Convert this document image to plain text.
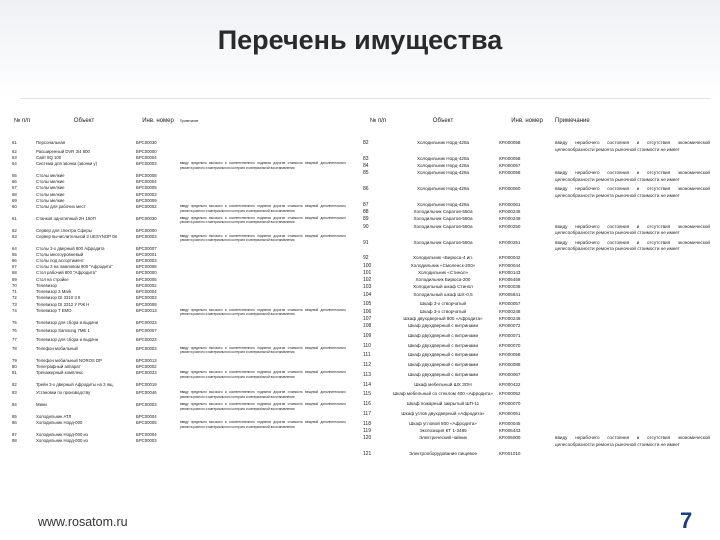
Перечень имущества
№ п/п	Объект	Инв. номер	Примечание
61	Персональная	БРС00030	

62	Расширенный DVR 3/4 800	БРС00000	
63	Сайт 8Q 100	БРС00004	
64	Система для звонка (звонки у)	БРС00003	ввиду предельно высокого и соответственного поднятия дорогие стоимость вещевой дополнительного ремонта разного и материального контроля и материальной восстанавления

65	Столы мелкие	БРС00008	
66	Столы мелкие	БРС00004	
67	Столы мелкие	БРС00005	
68	Столы мелкие	БРС00003	
69	Столы мелкие	БРС00009	
60	Столы для рабочих мест	БРС00002	ввиду предельно высокого и соответственного поднятия дорогие стоимость вещевой дополнительного ремонта разного и материального контроля и материальной восстанавления

61	Станков однотипный 2Н 150П	БРС00030	ввиду предельно высокого и соответственного поднятия дорогие стоимость вещевой дополнительного ремонта разного и материального контроля и материальной восстанавления

62	Сервер для спектра Сферы	БРС00000	
63	Сервер вычислительной 3 UESYNOP 08	БРС00003	ввиду предельно высокого и соответственного поднятия дорогие стоимость вещевой дополнительного ремонта разного и материального контроля и материальной восстанавления

64	Столы 3-х дверный 800 Афродита	БРС00007	
65	Столы многоуровневый	БРС00001	
66	Столы под ассортимент	БРС00003	
67	Столы 3 на ламповом 800 "Афродита"	БРС00008	
68	Стол рабочий 800 "Афродита"	БРС00000	
69	Стол на стройке	БРС00005	
70	Телевизор	БРС00002	
71	Телевизор 3 Mark	БРС00004	
72	Телевизор DI 3310 3 К	БРС00003	
73	Телевизор DI 3312 У РЖ Н	БРС00008	
74	Телевизор 7 ЕМО	БРС00013	ввиду предельно высокого и соответственного поднятия дорогие стоимость вещевой дополнительного ремонта разного и материального контроля и материальной восстанавления

75	Телевизор для сбора и выдачи	БРС00023	

76	Телевизор Samsung 7МЕ 1	БРС00007	

77	Телевизор для сбора и выдачи	БРС00023	

78	Телефон мобильный	БРС00003	ввиду предельно высокого и соответственного поднятия дорогие стоимость вещевой дополнительного ремонта разного и материального контроля и материальной восстанавления

79	Телефон мобильный NOROS DP	БРС00013	
80	Телеграфный аппарат	БРС00002	
81	Тренажерный комплекс	БРС00023	ввиду предельно высокого и соответственного поднятия дорогие стоимость вещевой дополнительного ремонта разного и материального контроля и материальной восстанавления

82	Трейн 3-х дверный Афродиты на 3 ящ.	БРС00019	

83	Установки по производству	БРС00046	ввиду предельно высокого и соответственного поднятия дорогие стоимость вещевой дополнительного ремонта разного и материального контроля и материальной восстанавления

84	Мини	БРС00003	ввиду предельно высокого и соответственного поднятия дорогие стоимость вещевой дополнительного ремонта разного и материального контроля и материальной восстанавления

85	Холодильник АТЛ	БРС00004	
86	Холодильник Норд-000	БРС00005	ввиду предельно высокого и соответственного поднятия дорогие стоимость вещевой дополнительного ремонта разного и материального контроля и материальной восстанавления

87	Холодильник Норд-000 из	БРС00004	
88	Холодильник Норд-000 из	БРС00003	
№ п/п	Объект	Инв. номер	Примечание
82	Холодильник Норд-428а	КР.000058	ввиду нерабочего состояния и отсутствия экономической целесообразности ремонта рыночной стоимости не имеет

83	Холодильник Норд-428а	КР.000058	
84	Холодильник Норд-428а	КР.000057	
85	Холодильник Норд-428а	КР.000058	ввиду нерабочего состояния и отсутствия экономической целесообразности ремонта рыночной стоимости не имеет

86	Холодильник Норд-428а	КР.000060	ввиду нерабочего состояния и отсутствия экономической целесообразности ремонта рыночной стоимости не имеет

87	Холодильник Норд-428а	КР.000061	
88	Холодильник Саратов-550а	КР.000248	
89	Холодильник Саратов-550а	КР.000249	
90	Холодильник Саратов-550а	КР.000250	ввиду нерабочего состояния и отсутствия экономической целесообразности ремонта рыночной стоимости не имеет

91	Холодильник Саратов-550а	КР.000251	ввиду нерабочего состояния и отсутствия экономической целесообразности ремонта рыночной стоимости не имеет

92	Холодильник «Бирюса-4 ип.	КР.000042	
100	Холодильник «Смоленск-200»	КР.000044	
101	Холодильник «Стинол»	КР.000143	
102	Холодильник Бирюса-200	КР.005458	
103	Холодильный шкаф Стинол	КР.000038	
104	Холодильный шкаф ШХ-0,5	КР.005841	

105	Шкаф 3-х створчатый	КР.000057	
106	Шкаф 3-х створчатый	КР.000248	
107	Шкаф двухдверный 800 «Афродита»	КР.000248	
108	Шкаф двухдверный с витринами	КР.000072	

109	Шкаф двухдверный с витринами	КР.000071	

110	Шкаф двухдверный с витринами	КР.000070	

111	Шкаф двухдверный с витринами	КР.000058	

112	Шкаф двухдверный с витринами	КР.000088	

113	Шкаф двухдверный с витринами	КР.000067	

114	Шкаф мебельный ШХ ЗОН	КР.000422	

115	Шкаф мебельный со стеклом 400 «Афродита»	КР.000052	

116	Шкаф пожарный закрытый ШП-11	КР.000070	

117	Шкаф углов двухдверный «Афродита»	КР.000051	

118	Шкаф угловой 800 «Афродита»	КР.000045	
119	Экспозиция КТ 1-3485	КР.005443	
120	Электрический чайник	КР.005000	ввиду нерабочего состояния и отсутствия экономической целесообразности ремонта рыночной стоимости не имеет

121	Электрооборудование пищевое	КР.001010	
www.rosatom.ru	7
